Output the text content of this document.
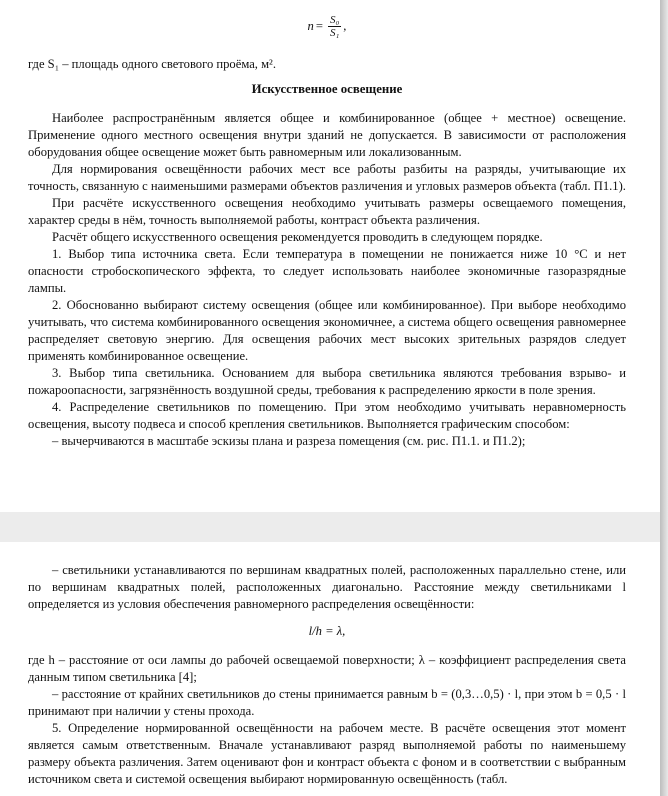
$n = \frac{\text{S₀}}{\text{S₁}}$ ,

где S₁ – площадь одного светового проёма, м².

Искусственное освещение

Наиболее распространённым является общее и комбинированное (общее + местное) освещение. Применение одного местного освещения внутри зданий не допускается. В зависимости от расположения оборудования общее освещение может быть равномерным или локализованным.

Для нормирования освещённости рабочих мест все работы разбиты на разряды, учитывающие их точность, связанную с наименьшими размерами объектов различения и угловых размеров объекта (табл. П1.1).

При расчёте искусственного освещения необходимо учитывать размеры освещаемого помещения, характер среды в нём, точность выполняемой работы, контраст объекта различения.

Расчёт общего искусственного освещения рекомендуется проводить в следующем порядке.

1. Выбор типа источника света. Если температура в помещении не понижается ниже 10 °С и нет опасности стробоскопического эффекта, то следует использовать наиболее экономичные газоразрядные лампы.

2. Обоснованно выбирают систему освещения (общее или комбинированное). При выборе необходимо учитывать, что система комбинированного освещения экономичнее, а система общего освещения равномернее распределяет световую энергию. Для освещения рабочих мест высоких зрительных разрядов следует применять комбинированное освещение.

3. Выбор типа светильника. Основанием для выбора светильника являются требования взрыво- и пожароопасности, загрязнённость воздушной среды, требования к распределению яркости в поле зрения.

4. Распределение светильников по помещению. При этом необходимо учитывать неравномерность освещения, высоту подвеса и способ крепления светильников. Выполняется графическим способом:

– вычерчиваются в масштабе эскизы плана и разреза помещения (см. рис. П1.1. и П1.2);

– светильники устанавливаются по вершинам квадратных полей, расположенных параллельно стене, или по вершинам квадратных полей, расположенных диагонально. Расстояние между светильниками l определяется из условия обеспечения равномерного распределения освещённости:

l/h = λ,

где h – расстояние от оси лампы до рабочей освещаемой поверхности; λ – коэффициент распределения света данным типом светильника [4];

– расстояние от крайних светильников до стены принимается равным b = (0,3…0,5) · l, при этом b = 0,5 · l принимают при наличии у стены прохода.

5. Определение нормированной освещённости на рабочем месте. В расчёте освещения этот момент является самым ответственным. Вначале устанавливают разряд выполняемой работы по наименьшему размеру объекта различения. Затем оценивают фон и контраст объекта с фоном и в соответствии с выбранным источником света и системой освещения выбирают нормированную освещённость (табл.
